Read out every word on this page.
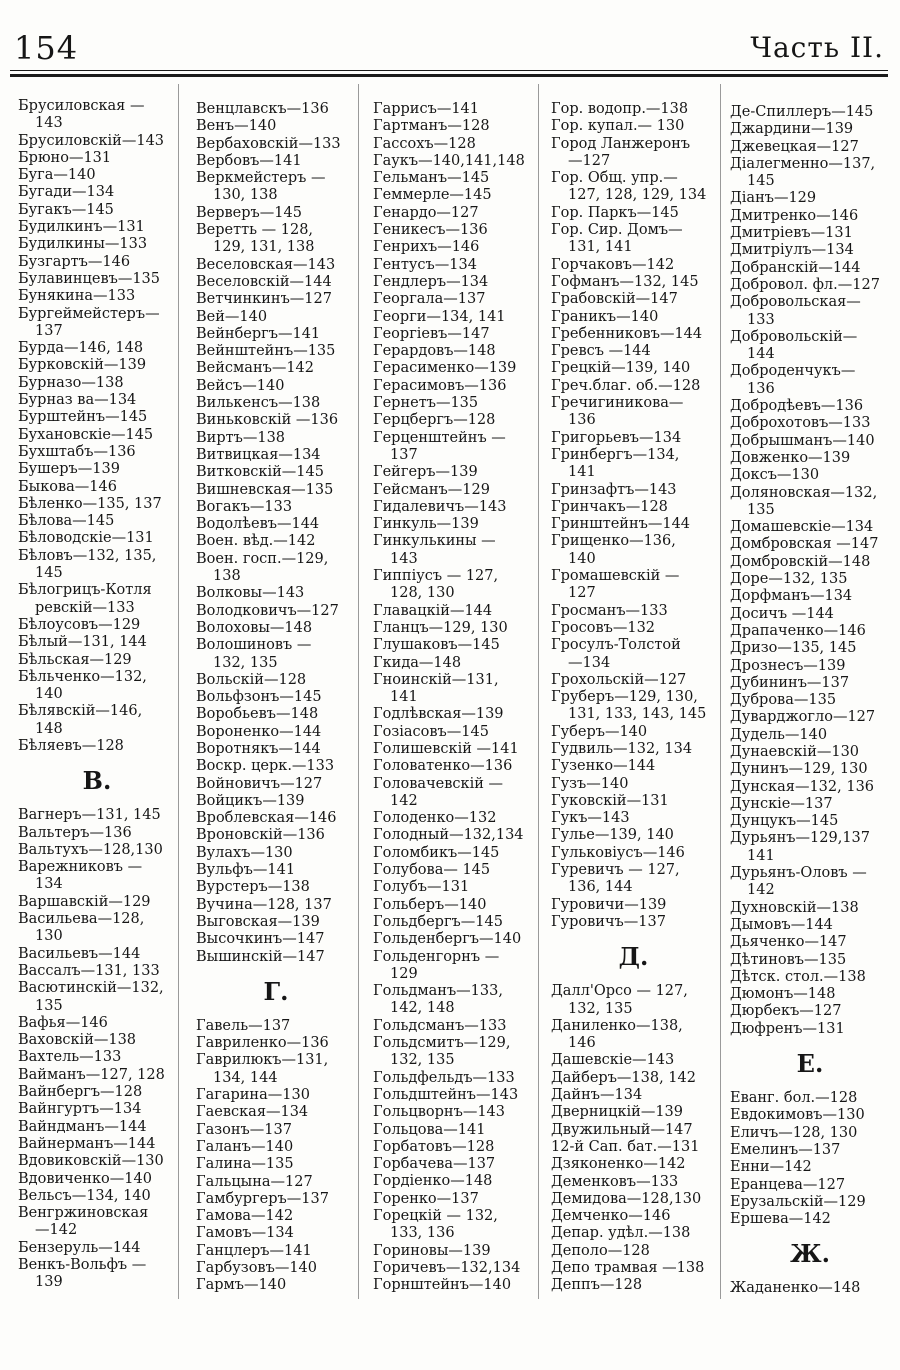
154	Часть II.
Брусиловская —
143
Брусиловскій—143
Брюно—131
Буга—140
Бугади—134
Бугакъ—145
Будилкинъ—131
Будилкины—133
Бузгартъ—146
Булавинцевъ—135
Бунякина—133
Бургеймейстеръ—
137
Бурда—146, 148
Бурковскій—139
Бурназо—138
Бурназ ва—134
Бурштейнъ—145
Бухановскіе—145
Бухштабъ—136
Бушеръ—139
Быкова—146
Бѣленко—135, 137
Бѣлова—145
Бѣловодскіе—131
Бѣловъ—132, 135,
145
Бѣлогрицъ-Котля
ревскій—133
Бѣлоусовъ—129
Бѣлый—131, 144
Бѣльская—129
Бѣльченко—132,
140
Бѣлявскій—146,
148
Бѣляевъ—128
В.
Вагнеръ—131, 145
Вальтеръ—136
Вальтухъ—128,130
Варежниковъ —
134
Варшавскій—129
Васильева—128,
130
Васильевъ—144
Вассалъ—131, 133
Васютинскій—132,
135
Вафья—146
Ваховскій—138
Вахтель—133
Вайманъ—127, 128
Вайнбергъ—128
Вайнгуртъ—134
Вайндманъ—144
Вайнерманъ—144
Вдовиковскій—130
Вдовиченко—140
Вельсъ—134, 140
Венгржиновская
—142
Бензеруль—144
Венкъ-Вольфъ —
139
Венцлавскъ—136
Венъ—140
Вербаховскій—133
Вербовъ—141
Веркмейстеръ —
130, 138
Верверъ—145
Веретть — 128,
129, 131, 138
Веселовская—143
Веселовскій—144
Ветчинкинъ—127
Вей—140
Вейнбергъ—141
Вейнштейнъ—135
Вейсманъ—142
Вейсъ—140
Вилькенсъ—138
Виньковскій —136
Виртъ—138
Витвицкая—134
Витковскій—145
Вишневская—135
Вогакъ—133
Водолѣевъ—144
Воен. вѣд.—142
Воен. госп.—129,
138
Волковы—143
Володковичъ—127
Волоховы—148
Волошиновъ —
132, 135
Вольскій—128
Вольфзонъ—145
Воробьевъ—148
Вороненко—144
Воротнякъ—144
Воскр. церк.—133
Войновичъ—127
Войцикъ—139
Вроблевская—146
Вроновскій—136
Вулахъ—130
Вульфъ—141
Вурстеръ—138
Вучина—128, 137
Выговская—139
Высочкинъ—147
Вышинскій—147
Г.
Гавель—137
Гавриленко—136
Гаврилюкъ—131,
134, 144
Гагарина—130
Гаевская—134
Газонъ—137
Галанъ—140
Галина—135
Гальцына—127
Гамбургеръ—137
Гамова—142
Гамовъ—134
Ганцлеръ—141
Гарбузовъ—140
Гармъ—140
Гаррисъ—141
Гартманъ—128
Гассохъ—128
Гаукъ—140,141,148
Гельманъ—145
Геммерле—145
Генардо—127
Геникесъ—136
Генрихъ—146
Гентусъ—134
Гендлеръ—134
Георгала—137
Георги—134, 141
Георгіевъ—147
Герардовъ—148
Герасименко—139
Герасимовъ—136
Гернетъ—135
Герцбергъ—128
Герценштейнъ —
137
Гейгеръ—139
Гейсманъ—129
Гидалевичъ—143
Гинкуль—139
Гинкулькины —
143
Гиппіусъ — 127,
128, 130
Главацкій—144
Гланцъ—129, 130
Глушаковъ—145
Гкида—148
Гноинскій—131,
141
Годлѣвская—139
Гозіасовъ—145
Голишевскій —141
Головатенко—136
Головачевскій —
142
Голоденко—132
Голодный—132,134
Голомбикъ—145
Голубова— 145
Голубъ—131
Гольберъ—140
Гольдбергъ—145
Гольденбергъ—140
Гольденгорнъ —
129
Гольдманъ—133,
142, 148
Гольдсманъ—133
Гольдсмитъ—129,
132, 135
Гольдфельдъ—133
Гольдштейнъ—143
Гольцворнъ—143
Гольцова—141
Горбатовъ—128
Горбачева—137
Гордіенко—148
Горенко—137
Горецкій — 132,
133, 136
Гориновы—139
Горичевъ—132,134
Горнштейнъ—140
Гор. водопр.—138
Гор. купал.— 130
Город Ланжеронъ
—127
Гор. Общ. упр.—
127, 128, 129, 134
Гор. Паркъ—145
Гор. Сир. Домъ—
131, 141
Горчаковъ—142
Гофманъ—132, 145
Грабовскій—147
Граникъ—140
Гребенниковъ—144
Гревсъ —144
Грецкій—139, 140
Греч.благ. об.—128
Гречигиникова—
136
Григорьевъ—134
Гринбергъ—134,
141
Гринзафтъ—143
Гринчакъ—128
Гринштейнъ—144
Грищенко—136,
140
Громашевскій —
127
Гросманъ—133
Гросовъ—132
Гросулъ-Толстой
—134
Грохольскій—127
Груберъ—129, 130,
131, 133, 143, 145
Губеръ—140
Гудвиль—132, 134
Гузенко—144
Гузъ—140
Гуковскій—131
Гукъ—143
Гулье—139, 140
Гульковіусъ—146
Гуревичъ — 127,
136, 144
Гуровичи—139
Гуровичъ—137
Д.
Далл'Орсо — 127,
132, 135
Даниленко—138,
146
Дашевскіе—143
Дайберъ—138, 142
Дайнъ—134
Дверницкій—139
Двужильный—147
12-й Сап. бат.—131
Дзяконенко—142
Деменковъ—133
Демидова—128,130
Демченко—146
Депар. удѣл.—138
Деполо—128
Депо трамвая —138
Деппъ—128
Де-Спиллеръ—145
Джардини—139
Джевецкая—127
Діалегменно—137,
145
Діанъ—129
Дмитренко—146
Дмитріевъ—131
Дмитріулъ—134
Добранскій—144
Добровол. фл.—127
Добровольская—
133
Добровольскій—
144
Доброденчукъ—
136
Добродѣевъ—136
Доброхотовъ—133
Добрышманъ—140
Довженко—139
Доксъ—130
Доляновская—132,
135
Домашевскіе—134
Домбровская —147
Домбровскій—148
Доре—132, 135
Дорфманъ—134
Досичъ —144
Драпаченко—146
Дризо—135, 145
Дрознесъ—139
Дубининъ—137
Дуброва—135
Дуварджогло—127
Дудель—140
Дунаевскій—130
Дунинъ—129, 130
Дунская—132, 136
Дунскіе—137
Дунцукъ—145
Дурьянъ—129,137
141
Дурьянъ-Оловъ —
142
Духновскій—138
Дымовъ—144
Дьяченко—147
Дѣтиновъ—135
Дѣтск. стол.—138
Дюмонъ—148
Дюрбекъ—127
Дюфренъ—131
Е.
Еванг. бол.—128
Евдокимовъ—130
Еличъ—128, 130
Емелинъ—137
Енни—142
Еранцева—127
Ерузальскій—129
Ершева—142
Ж.
Жаданенко—148
